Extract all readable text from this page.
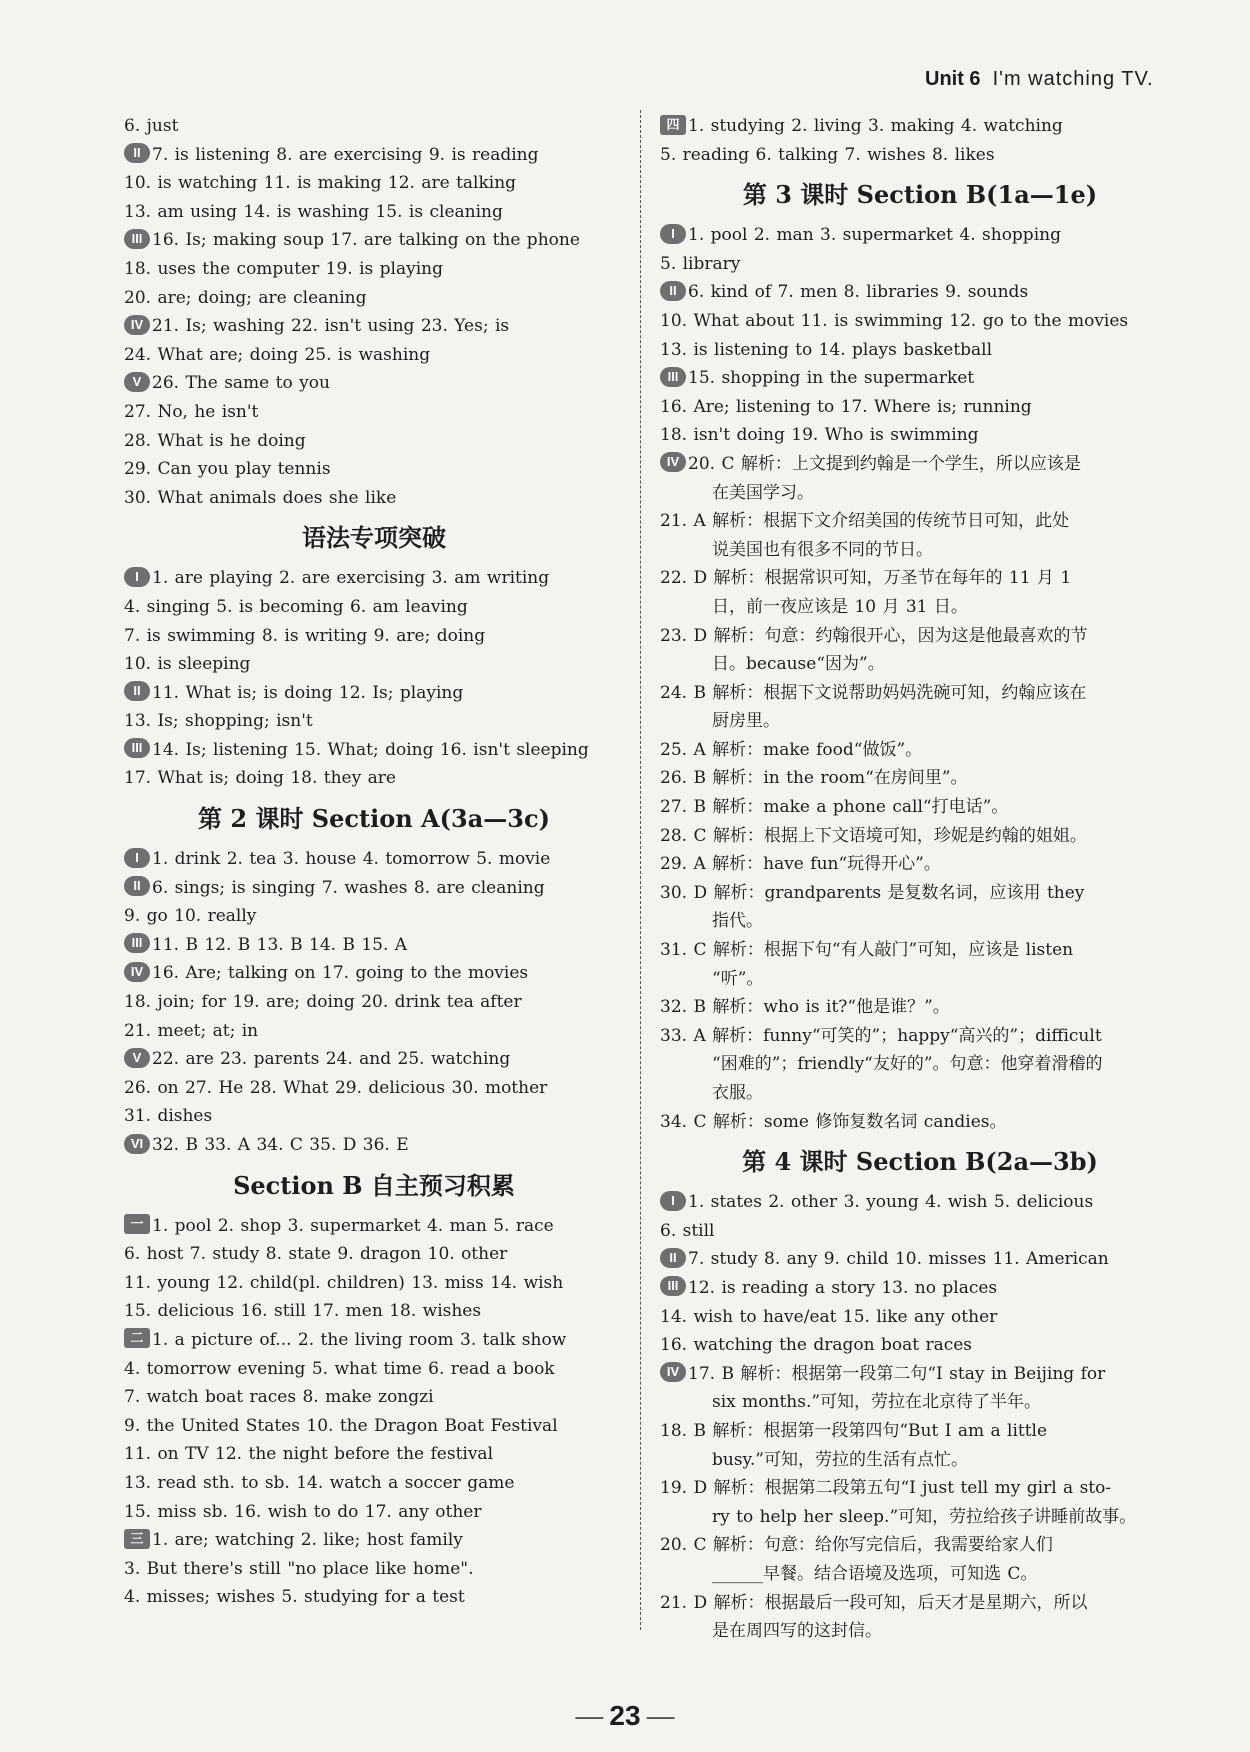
Unit 6 I'm watching TV.
6. just
II 7. is listening 8. are exercising 9. is reading
10. is watching 11. is making 12. are talking
13. am using 14. is washing 15. is cleaning
III 16. Is; making soup 17. are talking on the phone
18. uses the computer 19. is playing
20. are; doing; are cleaning
IV 21. Is; washing 22. isn't using 23. Yes; is
24. What are; doing 25. is washing
V 26. The same to you
27. No, he isn't
28. What is he doing
29. Can you play tennis
30. What animals does she like
语法专项突破
I 1. are playing 2. are exercising 3. am writing
4. singing 5. is becoming 6. am leaving
7. is swimming 8. is writing 9. are; doing
10. is sleeping
II 11. What is; is doing 12. Is; playing
13. Is; shopping; isn't
III 14. Is; listening 15. What; doing 16. isn't sleeping
17. What is; doing 18. they are
第 2 课时 Section A(3a—3c)
I 1. drink 2. tea 3. house 4. tomorrow 5. movie
II 6. sings; is singing 7. washes 8. are cleaning
9. go 10. really
III 11. B 12. B 13. B 14. B 15. A
IV 16. Are; talking on 17. going to the movies
18. join; for 19. are; doing 20. drink tea after
21. meet; at; in
V 22. are 23. parents 24. and 25. watching
26. on 27. He 28. What 29. delicious 30. mother
31. dishes
VI 32. B 33. A 34. C 35. D 36. E
Section B 自主预习积累
一 1. pool 2. shop 3. supermarket 4. man 5. race
6. host 7. study 8. state 9. dragon 10. other
11. young 12. child(pl. children) 13. miss 14. wish
15. delicious 16. still 17. men 18. wishes
二 1. a picture of... 2. the living room 3. talk show
4. tomorrow evening 5. what time 6. read a book
7. watch boat races 8. make zongzi
9. the United States 10. the Dragon Boat Festival
11. on TV 12. the night before the festival
13. read sth. to sb. 14. watch a soccer game
15. miss sb. 16. wish to do 17. any other
三 1. are; watching 2. like; host family
3. But there's still "no place like home".
4. misses; wishes 5. studying for a test
四 1. studying 2. living 3. making 4. watching
5. reading 6. talking 7. wishes 8. likes
第 3 课时 Section B(1a—1e)
I 1. pool 2. man 3. supermarket 4. shopping
5. library
II 6. kind of 7. men 8. libraries 9. sounds
10. What about 11. is swimming 12. go to the movies
13. is listening to 14. plays basketball
III 15. shopping in the supermarket
16. Are; listening to 17. Where is; running
18. isn't doing 19. Who is swimming
IV 20. C 解析：上文提到约翰是一个学生，所以应该是
在美国学习。
21. A 解析：根据下文介绍美国的传统节日可知，此处
说美国也有很多不同的节日。
22. D 解析：根据常识可知，万圣节在每年的 11 月 1
日，前一夜应该是 10 月 31 日。
23. D 解析：句意：约翰很开心，因为这是他最喜欢的节
日。because“因为”。
24. B 解析：根据下文说帮助妈妈洗碗可知，约翰应该在
厨房里。
25. A 解析：make food“做饭”。
26. B 解析：in the room“在房间里”。
27. B 解析：make a phone call“打电话”。
28. C 解析：根据上下文语境可知，珍妮是约翰的姐姐。
29. A 解析：have fun“玩得开心”。
30. D 解析：grandparents 是复数名词，应该用 they
指代。
31. C 解析：根据下句“有人敲门”可知，应该是 listen
“听”。
32. B 解析：who is it?“他是谁？”。
33. A 解析：funny“可笑的”；happy“高兴的”；difficult
“困难的”；friendly“友好的”。句意：他穿着滑稽的
衣服。
34. C 解析：some 修饰复数名词 candies。
第 4 课时 Section B(2a—3b)
I 1. states 2. other 3. young 4. wish 5. delicious
6. still
II 7. study 8. any 9. child 10. misses 11. American
III 12. is reading a story 13. no places
14. wish to have/eat 15. like any other
16. watching the dragon boat races
IV 17. B 解析：根据第一段第二句“I stay in Beijing for
six months.”可知，劳拉在北京待了半年。
18. B 解析：根据第一段第四句“But I am a little
busy.”可知，劳拉的生活有点忙。
19. D 解析：根据第二段第五句“I just tell my girl a sto-
ry to help her sleep.”可知，劳拉给孩子讲睡前故事。
20. C 解析：句意：给你写完信后，我需要给家人们
______早餐。结合语境及选项，可知选 C。
21. D 解析：根据最后一段可知，后天才是星期六，所以
是在周四写的这封信。
— 23 —
